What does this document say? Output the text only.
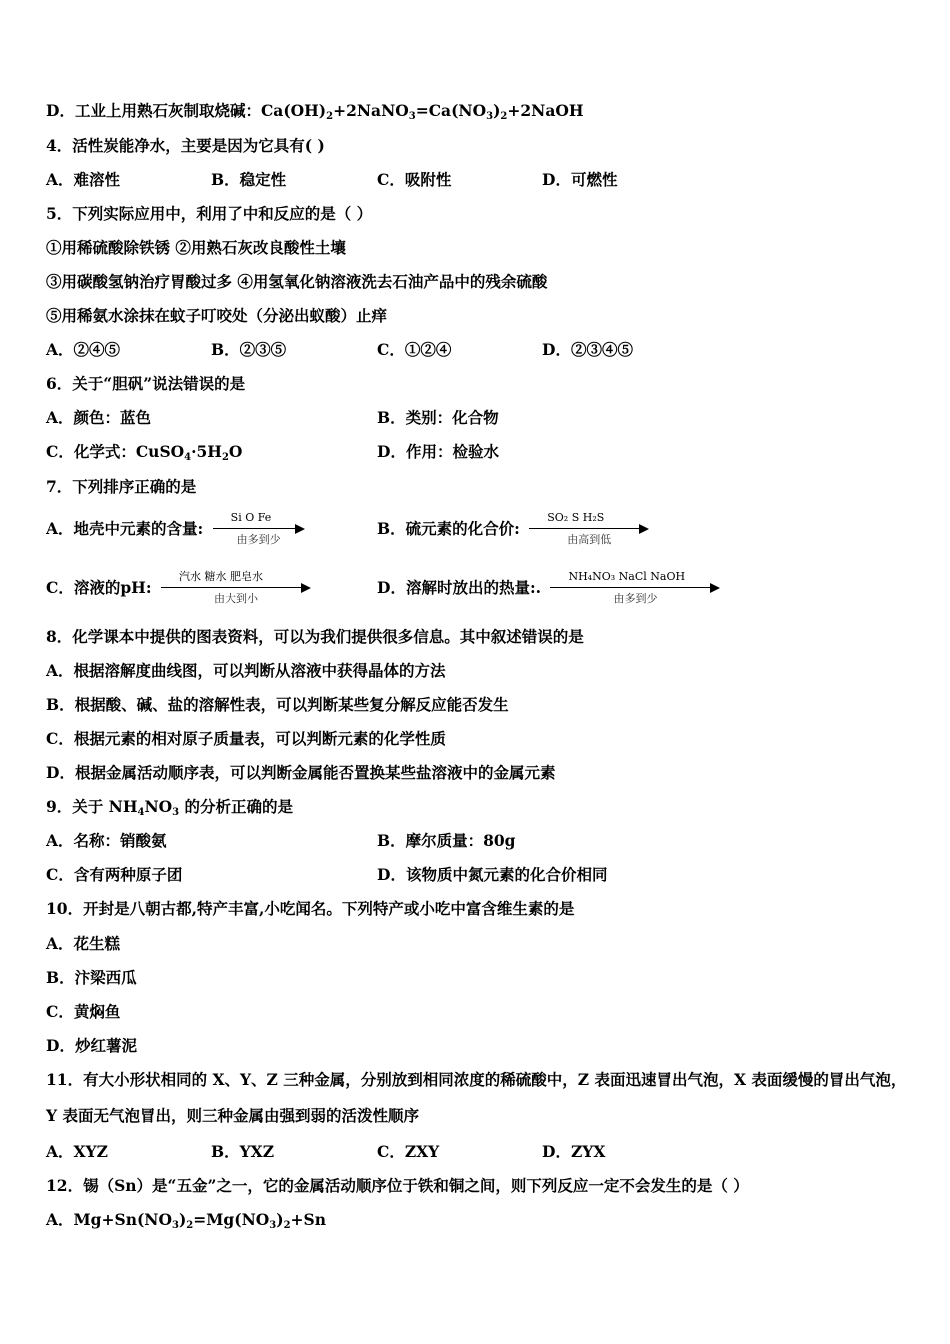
D．工业上用熟石灰制取烧碱：$Ca(OH)_2+2NaNO_3=Ca(NO_3)_2+2NaOH$
4．活性炭能净水，主要是因为它具有( )
A．难溶性	B．稳定性	C．吸附性	D．可燃性
5．下列实际应用中，利用了中和反应的是（ ）
①用稀硫酸除铁锈 ②用熟石灰改良酸性土壤
③用碳酸氢钠治疗胃酸过多 ④用氢氧化钠溶液洗去石油产品中的残余硫酸
⑤用稀氨水涂抹在蚊子叮咬处（分泌出蚁酸）止痒
A．②④⑤	B．②③⑤	C．①②④	D．②③④⑤
6．关于“胆矾”说法错误的是
A．颜色：蓝色	B．类别：化合物
C．化学式：$CuSO_4\cdot 5H_2O$	D．作用：检验水
7．下列排序正确的是
A．地壳中元素的含量:
Si O Fe
由多到少
B．硫元素的化合价:
SO₂ S H₂S
由高到低
C．溶液的pH:
汽水 糖水 肥皂水
由大到小
D．溶解时放出的热量:.
NH₄NO₃ NaCl NaOH
由多到少
8．化学课本中提供的图表资料，可以为我们提供很多信息。其中叙述错误的是
A．根据溶解度曲线图，可以判断从溶液中获得晶体的方法
B．根据酸、碱、盐的溶解性表，可以判断某些复分解反应能否发生
C．根据元素的相对原子质量表，可以判断元素的化学性质
D．根据金属活动顺序表，可以判断金属能否置换某些盐溶液中的金属元素
9．关于 $NH_4NO_3$ 的分析正确的是
A．名称：销酸氨	B．摩尔质量：80g
C．含有两种原子团	D．该物质中氮元素的化合价相同
10．开封是八朝古都,特产丰富,小吃闻名。下列特产或小吃中富含维生素的是
A．花生糕
B．汴梁西瓜
C．黄焖鱼
D．炒红薯泥
11．有大小形状相同的 X、Y、Z 三种金属，分别放到相同浓度的稀硫酸中，Z 表面迅速冒出气泡，X 表面缓慢的冒出气泡，Y 表面无气泡冒出，则三种金属由强到弱的活泼性顺序
A．XYZ	B．YXZ	C．ZXY	D．ZYX
12．锡（Sn）是“五金”之一，它的金属活动顺序位于铁和铜之间，则下列反应一定不会发生的是（ ）
A．$Mg+Sn(NO_3)_2=Mg(NO_3)_2+Sn$
